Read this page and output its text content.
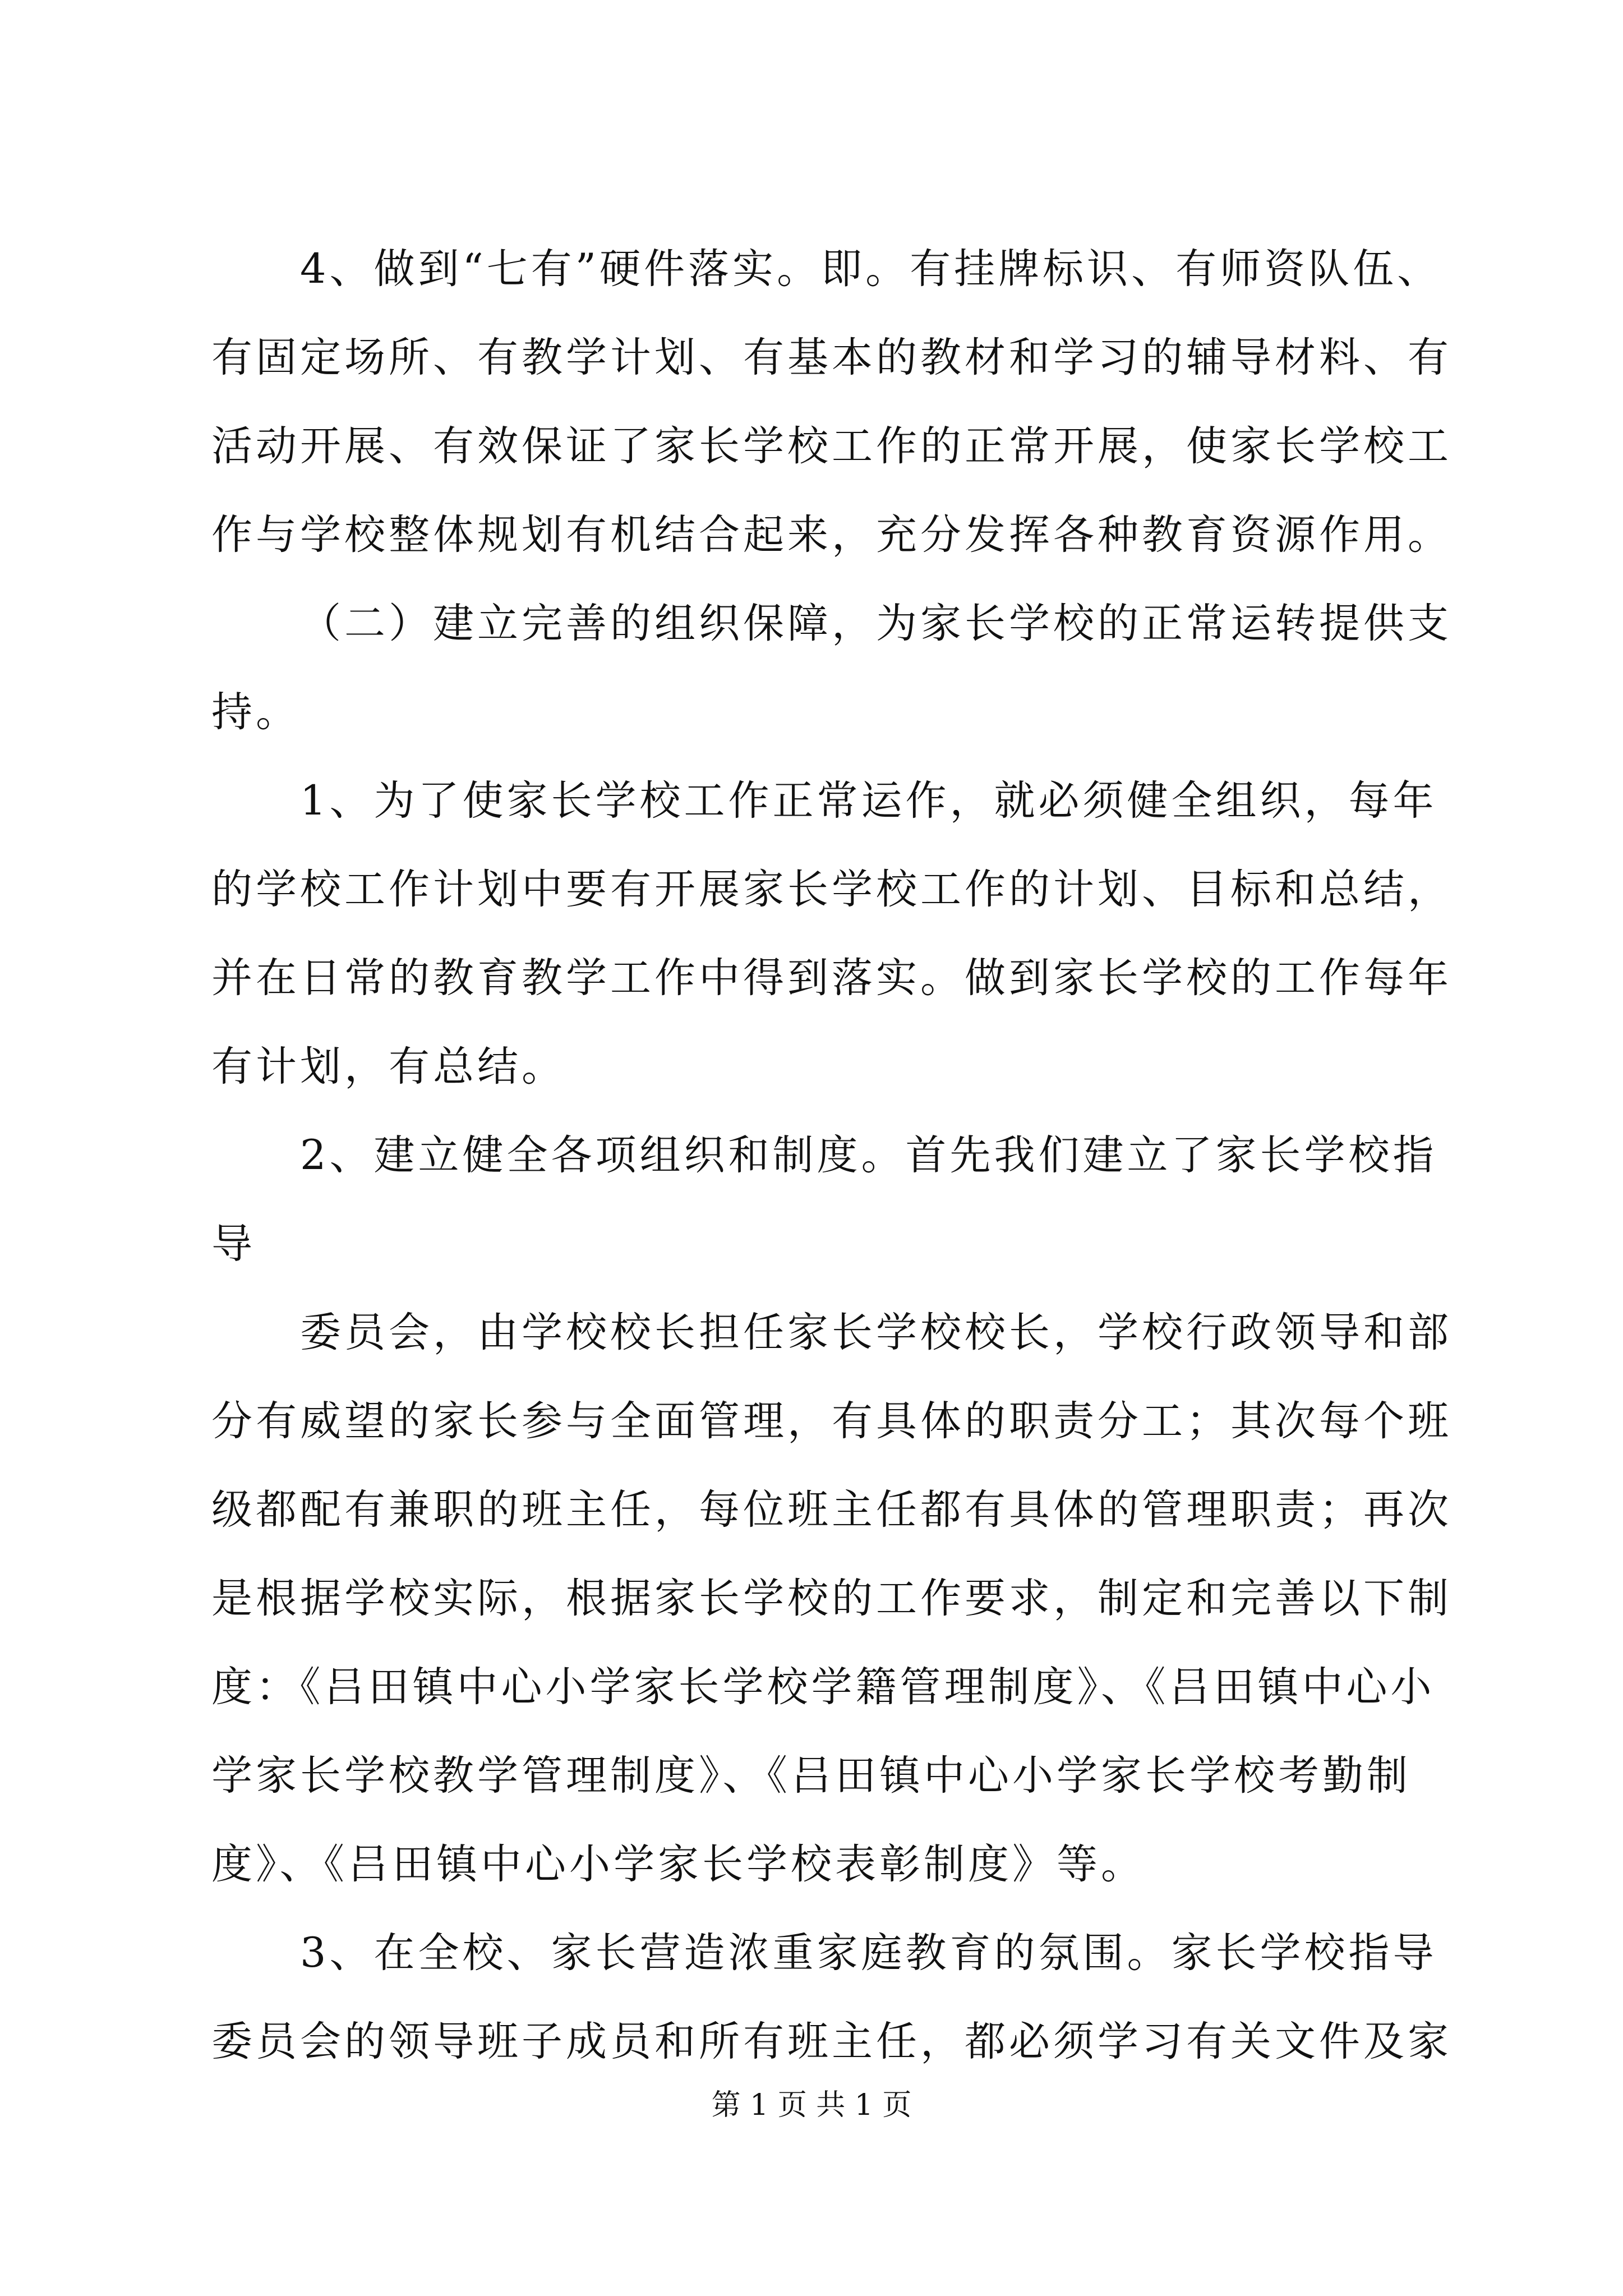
4、做到“七有”硬件落实。即。有挂牌标识、有师资队伍、

有固定场所、有教学计划、有基本的教材和学习的辅导材料、有

活动开展、有效保证了家长学校工作的正常开展，使家长学校工

作与学校整体规划有机结合起来，充分发挥各种教育资源作用。

（二）建立完善的组织保障，为家长学校的正常运转提供支

持。

1、为了使家长学校工作正常运作，就必须健全组织，每年

的学校工作计划中要有开展家长学校工作的计划、目标和总结，

并在日常的教育教学工作中得到落实。做到家长学校的工作每年

有计划，有总结。

2、建立健全各项组织和制度。首先我们建立了家长学校指

导

委员会，由学校校长担任家长学校校长，学校行政领导和部

分有威望的家长参与全面管理，有具体的职责分工；其次每个班

级都配有兼职的班主任，每位班主任都有具体的管理职责；再次

是根据学校实际，根据家长学校的工作要求，制定和完善以下制

度：《吕田镇中心小学家长学校学籍管理制度》、《吕田镇中心小

学家长学校教学管理制度》、《吕田镇中心小学家长学校考勤制

度》、《吕田镇中心小学家长学校表彰制度》等。

3、在全校、家长营造浓重家庭教育的氛围。家长学校指导

委员会的领导班子成员和所有班主任，都必须学习有关文件及家

第 1 页 共 1 页
